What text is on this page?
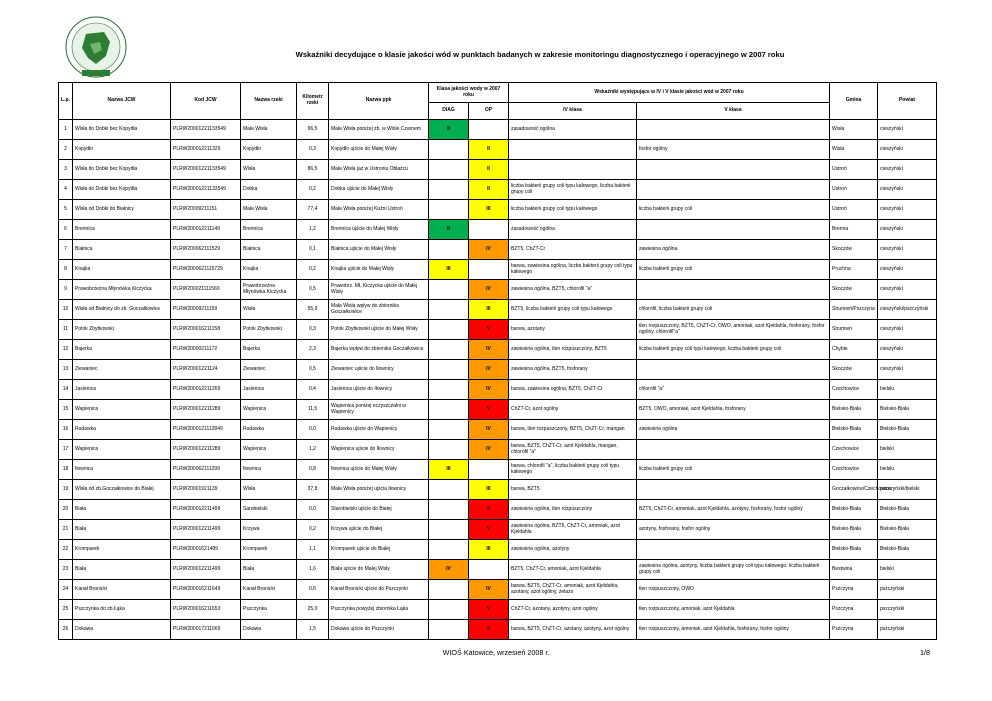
Wskaźniki decydujące o klasie jakości wód w punktach badanych w zakresie monitoringu diagnostycznego i operacyjnego w 2007 roku
L.p.	Nazwa JCW	Kod JCW	Nazwa rzeki	Kilometr rzeki	Nazwa ppk	Klasa jakości wody w 2007 roku		Wskaźniki występujące w IV i V klasie jakości wód w 2007 roku		Gmina	Powiat
						DIAG	OP	IV klasa	V klasa		
1	Wisła do Dobki bez Kopydła	PLRW20001221133549	Mała Wisła	96,5	Mała Wisła poniżej zb. w Wiśle Czarnem	II		zasadowość ogólna		Wisła	cieszyński
2	Kopydło	PLRW200012211329	Kopydło	0,3	Kopydło ujście do Małej Wisły		II		fosfor ogólny	Wisła	cieszyński
3	Wisła do Dobki bez Kopydła	PLRW20001221133549	Wisła	86,5	Mała Wisła jaz w Ustroniu Obłaźcu		II			Ustroń	cieszyński
4	Wisła do Dobki bez Kopydła	PLRW20001221133549	Dobka	0,2	Dobka ujście do Małej Wisły		II	liczba bakterii grupy coli typu kałowego, liczba bakterii grupy coli		Ustroń	cieszyński
5	Wisła od Dobki do Białnicy	PLRW20009211151	Mała Wisła	77,4	Mała Wisła poniżej Kuźni Ustroń		III	liczba bakterii grupy coli typu kałowego	liczba bakterii grupy coli	Ustroń	cieszyński
6	Brennica	PLRW200012211149	Brennica	1,2	Brennica ujście do Małej Wisły	II		zasadowość ogólna		Brenna	cieszyński
7	Białnica	PLRW200062111529	Białnica	0,1	Białnica ujście do Małej Wisły		IV	BZT5, ChZT-Cr	zawiesina ogólna	Skoczów	cieszyński
8	Knajka	PLRW2000621115729	Knajka	0,2	Knajka ujście do Małej Wisły	III		barwa, zawiesina ogólna, liczba bakterii grupy coli typu kałowego	liczba bakterii grupy coli	Pruchna	cieszyński
9	Prawobrzeżna Młynówka Kiczycka	PLRW200021111569	Prawobrzeżna Młynówka Kiczycka	0,5	Prawobrz. Mł. Kiczycka ujście do Małej Wisły		IV	zawiesina ogólna, BZT5, chlorofil "a"		Skoczów	cieszyński
10	Wisła od Białnicy do zb. Goczałkowice	PLRW20009211159	Wisła	55,9	Mała Wisła wpływ do zbiornika Goczałkowice		III	BZT5, liczba bakterii grupy coli typu kałowego	chlorofil, liczba bakterii grupy coli	Strumień/Pszczyna	cieszyński/pszczyński
11	Potok Zbytkowski	PLRW200016211158	Potok Zbytkowski	0,3	Potok Zbytkowski ujście do Małej Wisły		V	barwa, azotany	tlen rozpuszczony, BZT5, ChZT-Cr, OWO, amoniak, azot Kjeldahla, fosforany, fosfor ogólny, chlorofil"a"	Strumień	cieszyński
12	Bajerka	PLRW20000211172	Bajerka	2,3	Bajerka wpływ do zbiornika Goczałkowice		IV	zawiesina ogólna, tlen rozpuszczony, BZT5	liczba bakterii grupy coli typu kałowego, liczba bakterii grupy coli	Chybie	cieszyński
13	Ziewaniec	PLRW20001221124	Ziewaniec	0,5	Ziewaniec ujście do Iłownicy		IV	zawiesina ogólna, BZT5, fosforany		Skoczów	cieszyński
14	Jasienica	PLRW200012211269	Jasienica	0,4	Jasienica ujście do Iłownicy		IV	barwa, zawiesina ogólna, BZT5, ChZT-Cr	chlorofil "a"	Czechowice	bielski
15	Wapienica	PLRW200012211289	Wapienica	11,5	Wapienica poniżej oczyszczalni w Wapienicy		V	ChZT-Cr, azot ogólny	BZT5, OWO, amoniak, azot Kjeldahla, fosforany	Bielsko-Biała	Bielsko-Biała
16	Rudawka	PLRW2000121112849	Rudawka	0,0	Rudawka ujście do Wapienicy		IV	barwa, tlen rozpuszczony, BZT5, ChZT-Cr, mangan	zawiesina ogólna	Bielsko-Biała	Bielsko-Biała
17	Wapienica	PLRW200012211289	Wapienica	1,2	Wapienica ujście do Iłownicy		IV	barwa, BZT5, ChZT-Cr, azot Kjeldahla, mangan, chlorofil "a"		Czechowice	bielski
18	Iłownica	PLRW200062111299	Iłownica	0,8	Iłownica ujście do Małej Wisły	III		barwa, chlorofil "a", liczba bakterii grupy coli typu kałowego	liczba bakterii grupy coli	Czechowice	bielski
19	Wisła od zb.Goczałkowice do Białej	PLRW20001921139	Wisła	37,8	Mała Wisła poniżej ujścia Iłownicy		III	barwa, BZT5		Goczałkowice/Czechowice	pszczyński/bielski
20	Biała	PLRW200012211499	Sarobielski	0,0	Starobielski ujście do Białej		V	zawiesina ogólna, tlen rozpuszczony	BZT5, ChZT-Cr, amoniak, azot Kjeldahla, azotyny, fosforany, fosfor ogólny	Bielsko-Biała	Bielsko-Biała
21	Biała	PLRW200012211499	Krzywa	0,2	Krzywa ujście do Białej		V	zawiesina ogólna, BZT5, ChZT-Cr, amoniak, azot Kjeldahla	azotyny, fosforany, fosfor ogólny	Bielsko-Biała	Bielsko-Biała
22	Kromparek	PLRW20001621489	Kromparek	1,1	Kromparek ujście do Białej		III	zawiesina ogólna, azotyny		Bielsko-Biała	Bielsko-Biała
23	Biała	PLRW200012211499	Biała	1,6	Biała ujście do Małej Wisły	IV		BZT5, ChZT-Cr, amoniak, azot Kjeldahla	zawiesina ogólna, azotyny, liczba bakterii grupy coli typu kałowego, liczba bakterii grupy coli	Bestwina	bielski
24	Kanał Branicki	PLRW200016211649	Kanał Branicki	0,6	Kanał Branicki ujście do Pszczynki		IV	barwa, BZT5, ChZT-Cr, amoniak, azot Kjeldahla, azotany, azot ogólny, żelazo	tlen rozpuszczony, OWO	Pszczyna	pszczyński
25	Pszczynka do zb.Łąka	PLRW200016211653	Pszczynka	25,0	Pszczynka powyżej zbiornika Łąka		V	ChZT-Cr, azotany, azotyny, azot ogólny	tlen rozpuszczony, amoniak, azot Kjeldahla	Pszczyna	pszczyński
26	Dokawa	PLRW200017211669	Dokawa	1,5	Dokawa ujście do Pszczynki		V	barwa, BZT5, ChZT-Cr, azotany, azotyny, azot ogólny	tlen rozpuszczony, amoniak, azot Kjeldahla, fosforany, fosfor ogólny	Pszczyna	pszczyński
WIOŚ Katowice, wrzesień 2008 r.	1/8
